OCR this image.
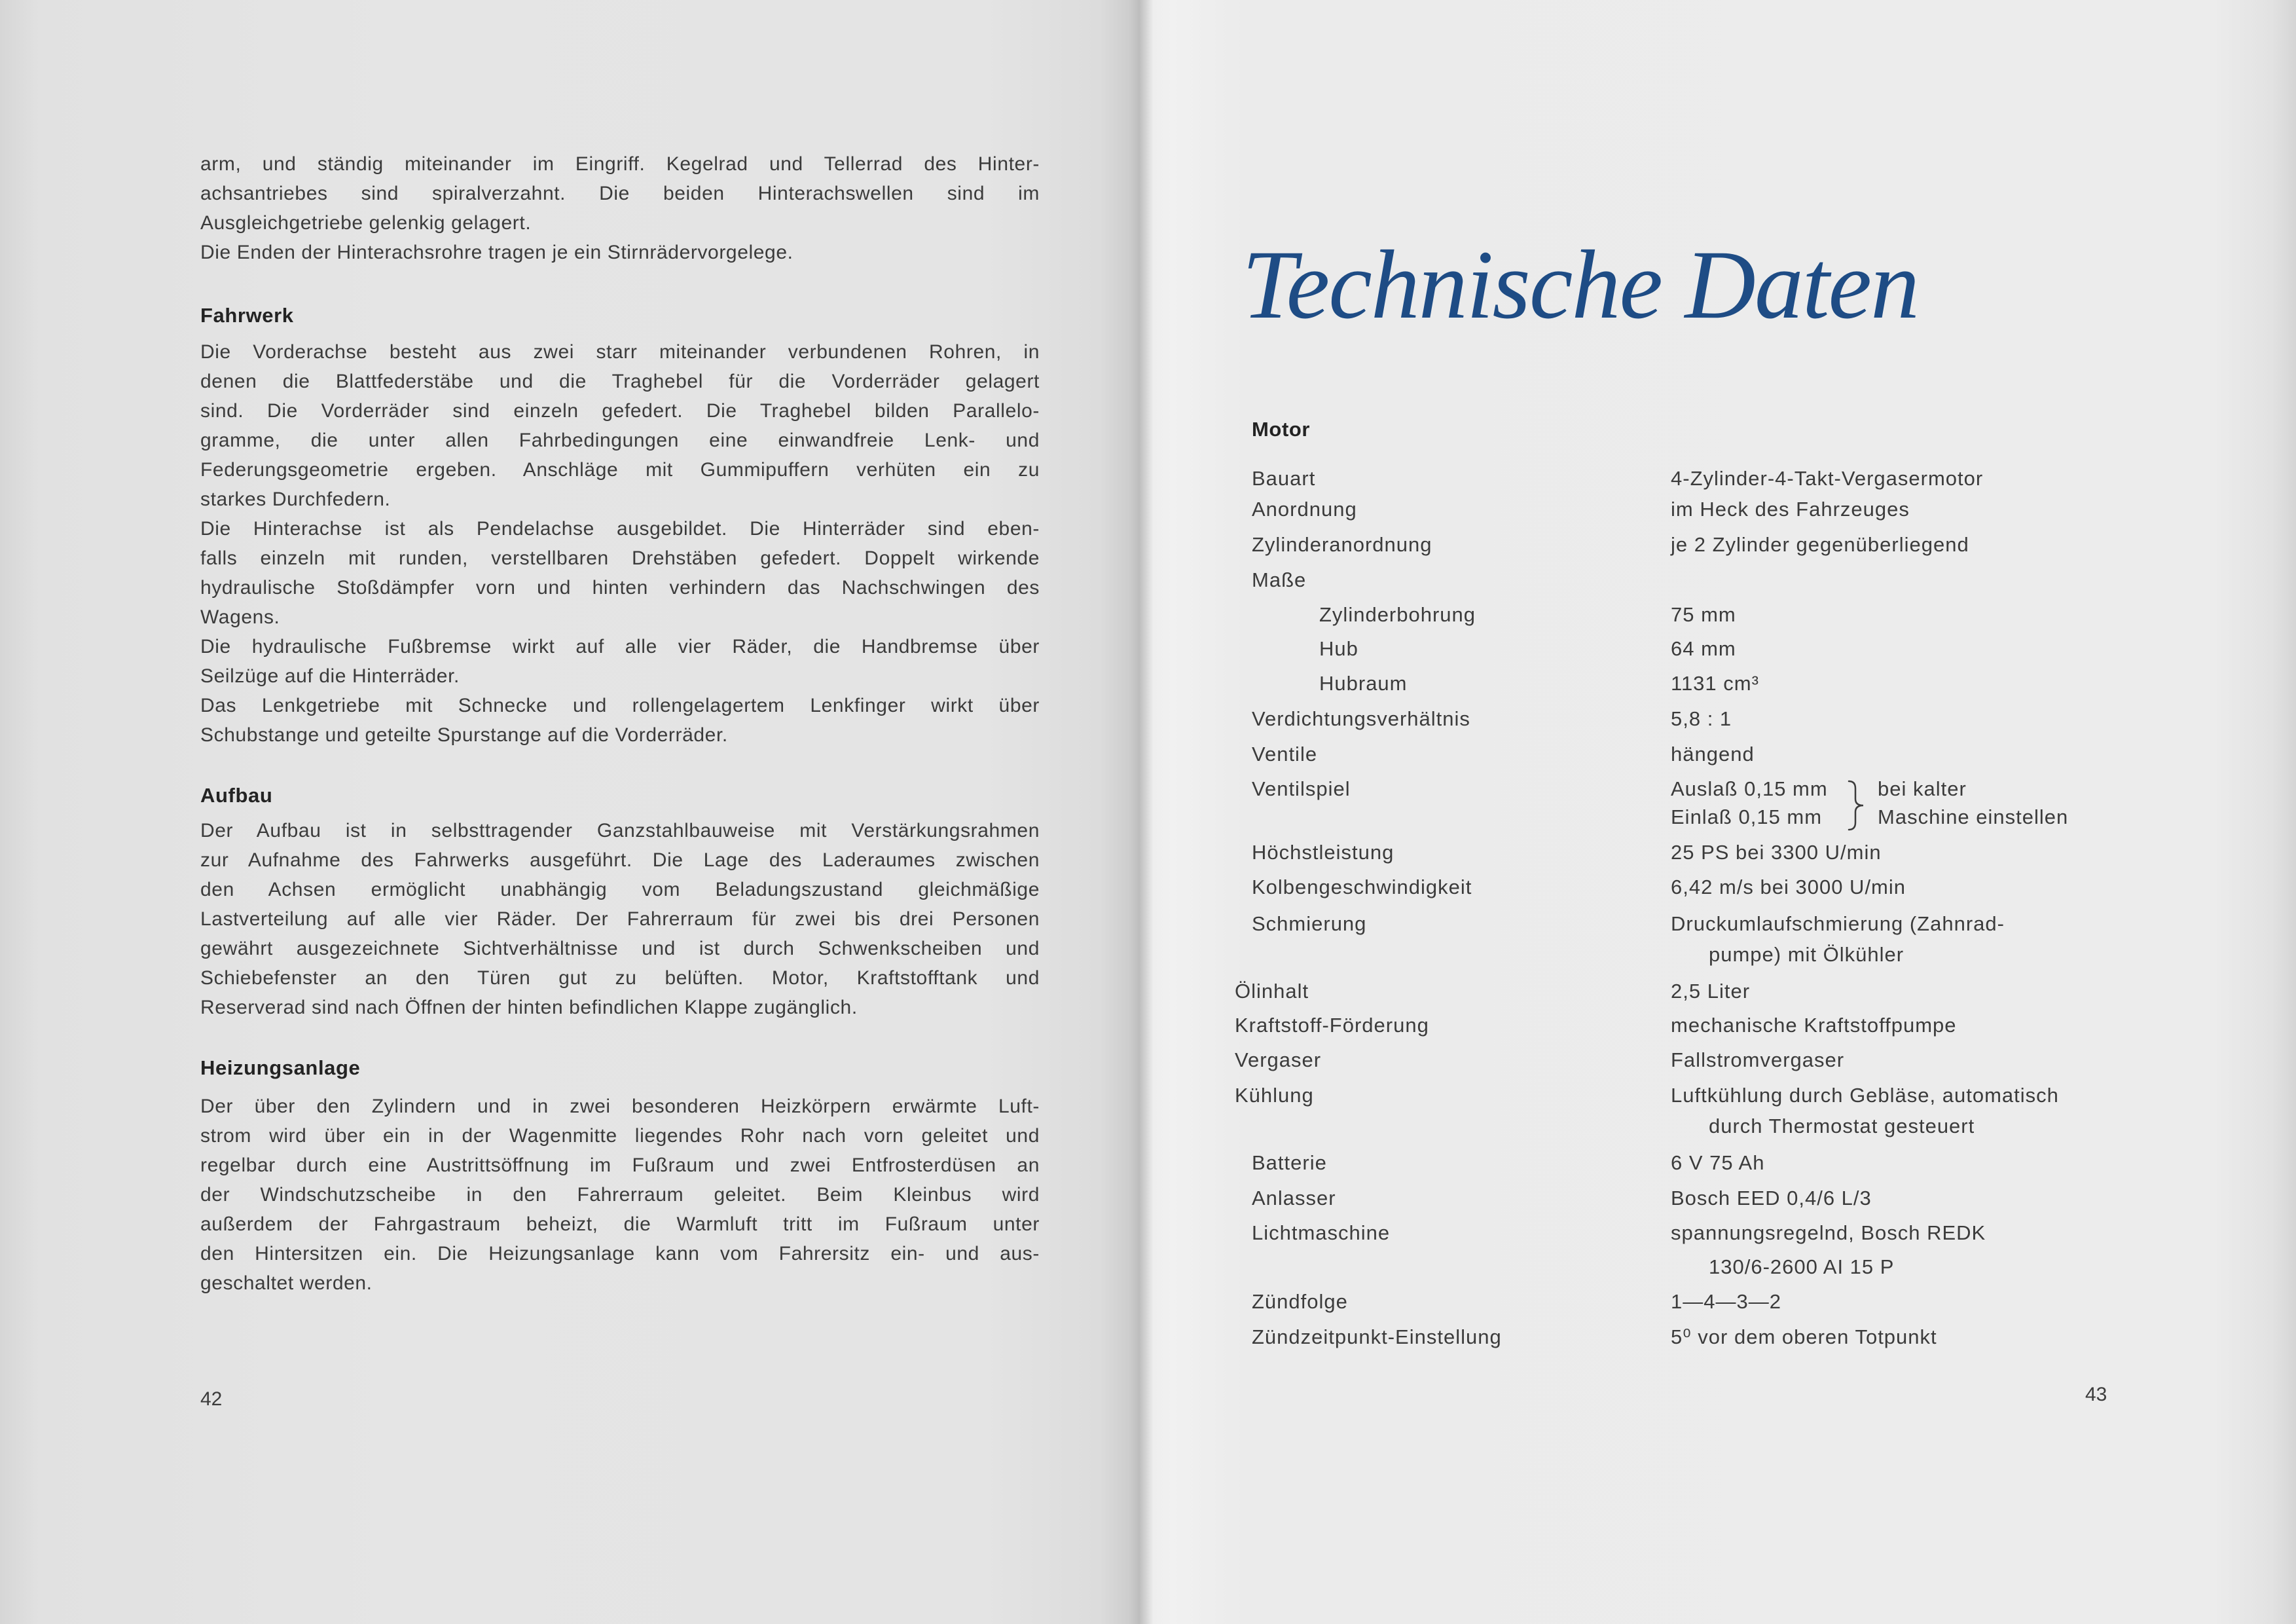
arm, und ständig miteinander im Eingriff. Kegelrad und Tellerrad des Hinter-
achsantriebes sind spiralverzahnt. Die beiden Hinterachswellen sind im
Ausgleichgetriebe gelenkig gelagert.
Die Enden der Hinterachsrohre tragen je ein Stirnrädervorgelege.
Fahrwerk
Die Vorderachse besteht aus zwei starr miteinander verbundenen Rohren, in
denen die Blattfederstäbe und die Traghebel für die Vorderräder gelagert
sind. Die Vorderräder sind einzeln gefedert. Die Traghebel bilden Parallelo-
gramme, die unter allen Fahrbedingungen eine einwandfreie Lenk- und
Federungsgeometrie ergeben. Anschläge mit Gummipuffern verhüten ein zu
starkes Durchfedern.
Die Hinterachse ist als Pendelachse ausgebildet. Die Hinterräder sind eben-
falls einzeln mit runden, verstellbaren Drehstäben gefedert. Doppelt wirkende
hydraulische Stoßdämpfer vorn und hinten verhindern das Nachschwingen des
Wagens.
Die hydraulische Fußbremse wirkt auf alle vier Räder, die Handbremse über
Seilzüge auf die Hinterräder.
Das Lenkgetriebe mit Schnecke und rollengelagertem Lenkfinger wirkt über
Schubstange und geteilte Spurstange auf die Vorderräder.
Aufbau
Der Aufbau ist in selbsttragender Ganzstahlbauweise mit Verstärkungsrahmen
zur Aufnahme des Fahrwerks ausgeführt. Die Lage des Laderaumes zwischen
den Achsen ermöglicht unabhängig vom Beladungszustand gleichmäßige
Lastverteilung auf alle vier Räder. Der Fahrerraum für zwei bis drei Personen
gewährt ausgezeichnete Sichtverhältnisse und ist durch Schwenkscheiben und
Schiebefenster an den Türen gut zu belüften. Motor, Kraftstofftank und
Reserverad sind nach Öffnen der hinten befindlichen Klappe zugänglich.
Heizungsanlage
Der über den Zylindern und in zwei besonderen Heizkörpern erwärmte Luft-
strom wird über ein in der Wagenmitte liegendes Rohr nach vorn geleitet und
regelbar durch eine Austrittsöffnung im Fußraum und zwei Entfrosterdüsen an
der Windschutzscheibe in den Fahrerraum geleitet. Beim Kleinbus wird
außerdem der Fahrgastraum beheizt, die Warmluft tritt im Fußraum unter
den Hintersitzen ein. Die Heizungsanlage kann vom Fahrersitz ein- und aus-
geschaltet werden.
42
Technische Daten
Motor
Bauart	4-Zylinder-4-Takt-Vergasermotor
Anordnung	im Heck des Fahrzeuges
Zylinderanordnung	je 2 Zylinder gegenüberliegend
Maße
Zylinderbohrung	75 mm
Hub	64 mm
Hubraum	1131 cm³
Verdichtungsverhältnis	5,8 : 1
Ventile	hängend
Ventilspiel	Auslaß 0,15 mm
Einlaß 0,15 mm
bei kalter
Maschine einstellen
Höchstleistung	25 PS bei 3300 U/min
Kolbengeschwindigkeit	6,42 m/s bei 3000 U/min
Schmierung	Druckumlaufschmierung (Zahnrad-
pumpe) mit Ölkühler
Ölinhalt	2,5 Liter
Kraftstoff-Förderung	mechanische Kraftstoffpumpe
Vergaser	Fallstromvergaser
Kühlung	Luftkühlung durch Gebläse, automatisch
durch Thermostat gesteuert
Batterie	6 V 75 Ah
Anlasser	Bosch EED 0,4/6 L/3
Lichtmaschine	spannungsregelnd, Bosch REDK
130/6-2600 AI 15 P
Zündfolge	1—4—3—2
Zündzeitpunkt-Einstellung	5⁰ vor dem oberen Totpunkt
43
